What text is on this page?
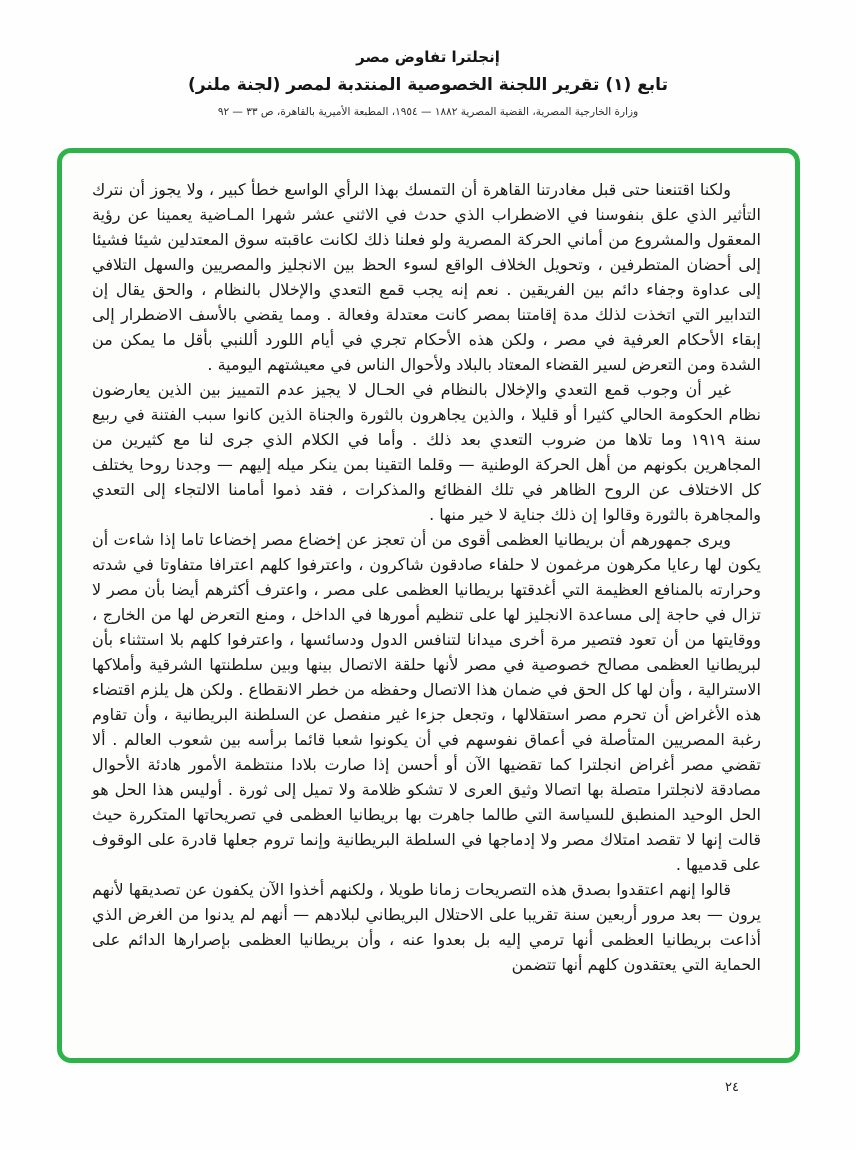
إنجلترا تفاوض مصر
تابع (١) تقرير اللجنة الخصوصية المنتدبة لمصر (لجنة ملنر)
وزارة الخارجية المصرية، القضية المصرية ١٨٨٢ — ١٩٥٤، المطبعة الأميرية بالقاهرة، ص ٣٣ — ٩٢

ولكنا اقتنعنا حتى قبل مغادرتنا القاهرة أن التمسك بهذا الرأي الواسع خطأ كبير ، ولا يجوز أن نترك التأثير الذي علق بنفوسنا في الاضطراب الذي حدث في الاثني عشر شهرا المـاضية يعمينا عن رؤية المعقول والمشروع من أماني الحركة المصرية ولو فعلنا ذلك لكانت عاقبته سوق المعتدلين شيئا فشيئا إلى أحضان المتطرفين ، وتحويل الخلاف الواقع لسوء الحظ بين الانجليز والمصريين والسهل التلافي إلى عداوة وجفاء دائم بين الفريقين . نعم إنه يجب قمع التعدي والإخلال بالنظام ، والحق يقال إن التدابير التي اتخذت لذلك مدة إقامتنا بمصر كانت معتدلة وفعالة . ومما يقضي بالأسف الاضطرار إلى إبقاء الأحكام العرفية في مصر ، ولكن هذه الأحكام تجري في أيام اللورد أللنبي بأقل ما يمكن من الشدة ومن التعرض لسير القضاء المعتاد بالبلاد ولأحوال الناس في معيشتهم اليومية .

غير أن وجوب قمع التعدي والإخلال بالنظام في الحـال لا يجيز عدم التمييز بين الذين يعارضون نظام الحكومة الحالي كثيرا أو قليلا ، والذين يجاهرون بالثورة والجناة الذين كانوا سبب الفتنة في ربيع سنة ١٩١٩ وما تلاها من ضروب التعدي بعد ذلك . وأما في الكلام الذي جرى لنا مع كثيرين من المجاهرين بكونهم من أهل الحركة الوطنية — وقلما التقينا بمن ينكر ميله إليهم — وجدنا روحا يختلف كل الاختلاف عن الروح الظاهر في تلك الفظائع والمذكرات ، فقد ذموا أمامنا الالتجاء إلى التعدي والمجاهرة بالثورة وقالوا إن ذلك جناية لا خير منها .

ويرى جمهورهم أن بريطانيا العظمى أقوى من أن تعجز عن إخضاع مصر إخضاعا تاما إذا شاءت أن يكون لها رعايا مكرهون مرغمون لا حلفاء صادقون شاكرون ، واعترفوا كلهم اعترافا متفاوتا في شدته وحرارته بالمنافع العظيمة التي أغدقتها بريطانيا العظمى على مصر ، واعترف أكثرهم أيضا بأن مصر لا تزال في حاجة إلى مساعدة الانجليز لها على تنظيم أمورها في الداخل ، ومنع التعرض لها من الخارج ، ووقايتها من أن تعود فتصير مرة أخرى ميدانا لتنافس الدول ودسائسها ، واعترفوا كلهم بلا استثناء بأن لبريطانيا العظمى مصالح خصوصية في مصر لأنها حلقة الاتصال بينها وبين سلطنتها الشرقية وأملاكها الاسترالية ، وأن لها كل الحق في ضمان هذا الاتصال وحفظه من خطر الانقطاع . ولكن هل يلزم اقتضاء هذه الأغراض أن تحرم مصر استقلالها ، وتجعل جزءا غير منفصل عن السلطنة البريطانية ، وأن تقاوم رغبة المصريين المتأصلة في أعماق نفوسهم في أن يكونوا شعبا قائما برأسه بين شعوب العالم . ألا تقضي مصر أغراض انجلترا كما تقضيها الآن أو أحسن إذا صارت بلادا منتظمة الأمور هادئة الأحوال مصادقة لانجلترا متصلة بها اتصالا وثيق العرى لا تشكو ظلامة ولا تميل إلى ثورة . أوليس هذا الحل هو الحل الوحيد المنطبق للسياسة التي طالما جاهرت بها بريطانيا العظمى في تصريحاتها المتكررة حيث قالت إنها لا تقصد امتلاك مصر ولا إدماجها في السلطة البريطانية وإنما تروم جعلها قادرة على الوقوف على قدميها .

قالوا إنهم اعتقدوا بصدق هذه التصريحات زمانا طويلا ، ولكنهم أخذوا الآن يكفون عن تصديقها لأنهم يرون — بعد مرور أربعين سنة تقريبا على الاحتلال البريطاني لبلادهم — أنهم لم يدنوا من الغرض الذي أذاعت بريطانيا العظمى أنها ترمي إليه بل بعدوا عنه ، وأن بريطانيا العظمى بإصرارها الدائم على الحماية التي يعتقدون كلهم أنها تتضمن

٢٤
